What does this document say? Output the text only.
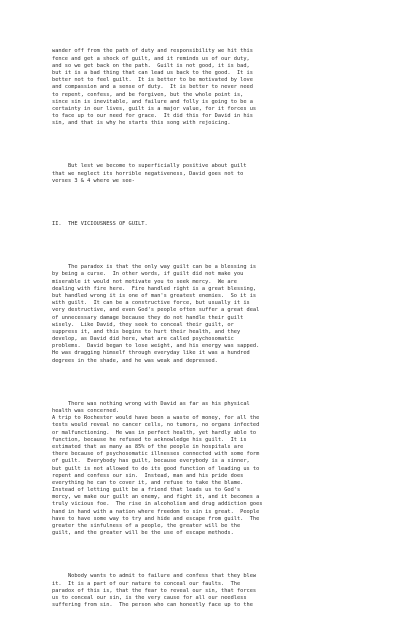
wander off from the path of duty and responsibility we hit this
fence and get a shock of guilt, and it reminds us of our duty,
and so we get back on the path.  Guilt is not good, it is bad,
but it is a bad thing that can lead us back to the good.  It is
better not to feel guilt.  It is better to be motivated by love
and compassion and a sense of duty.  It is better to never need
to repent, confess, and be forgiven, but the whole point is,
since sin is inevitable, and failure and folly is going to be a
certainty in our lives, guilt is a major value, for it forces us
to face up to our need for grace.  It did this for David in his
sin, and that is why he starts this song with rejoicing.

But lest we become to superficially positive about guilt
that we neglect its horrible negativeness, David goes not to
verses 3 & 4 where we see-

II.  THE VICIOUSNESS OF GUILT.

The paradox is that the only way guilt can be a blessing is
by being a curse.  In other words, if guilt did not make you
miserable it would not motivate you to seek mercy.  We are
dealing with fire here.  Fire handled right is a great blessing,
but handled wrong it is one of man's greatest enemies.  So it is
with guilt.  It can be a constructive force, but usually it is
very destructive, and even God's people often suffer a great deal
of unnecessary damage because they do not handle their guilt
wisely.  Like David, they seek to conceal their guilt, or
suppress it, and this begins to hurt their health, and they
develop, as David did here, what are called psychosomatic
problems.  David began to lose weight, and his energy was sapped.
He was dragging himself through everyday like it was a hundred
degrees in the shade, and he was weak and depressed.

There was nothing wrong with David as far as his physical
health was concerned.
A trip to Rochester would have been a waste of money, for all the
tests would reveal no cancer cells, no tumors, no organs infected
or malfunctioning.  He was in perfect health, yet hardly able to
function, because he refused to acknowledge his guilt.  It is
estimated that as many as 85% of the people in hospitals are
there because of psychosomatic illnesses connected with some form
of guilt.  Everybody has guilt, because everybody is a sinner,
but guilt is not allowed to do its good function of leading us to
repent and confess our sin.  Instead, man and his pride does
everything he can to cover it, and refuse to take the blame.
Instead of letting guilt be a friend that leads us to God's
mercy, we make our guilt an enemy, and fight it, and it becomes a
truly vicious foe.  The rise in alcoholism and drug addiction goes
hand in hand with a nation where freedom to sin is great.  People
have to have some way to try and hide and escape from guilt.  The
greater the sinfulness of a people, the greater will be the
guilt, and the greater will be the use of escape methods.

Nobody wants to admit to failure and confess that they blew
it.  It is a part of our nature to conceal our faults.  The
paradox of this is, that the fear to reveal our sin, that forces
us to conceal our sin, is the very cause for all our needless
suffering from sin.  The person who can honestly face up to the
